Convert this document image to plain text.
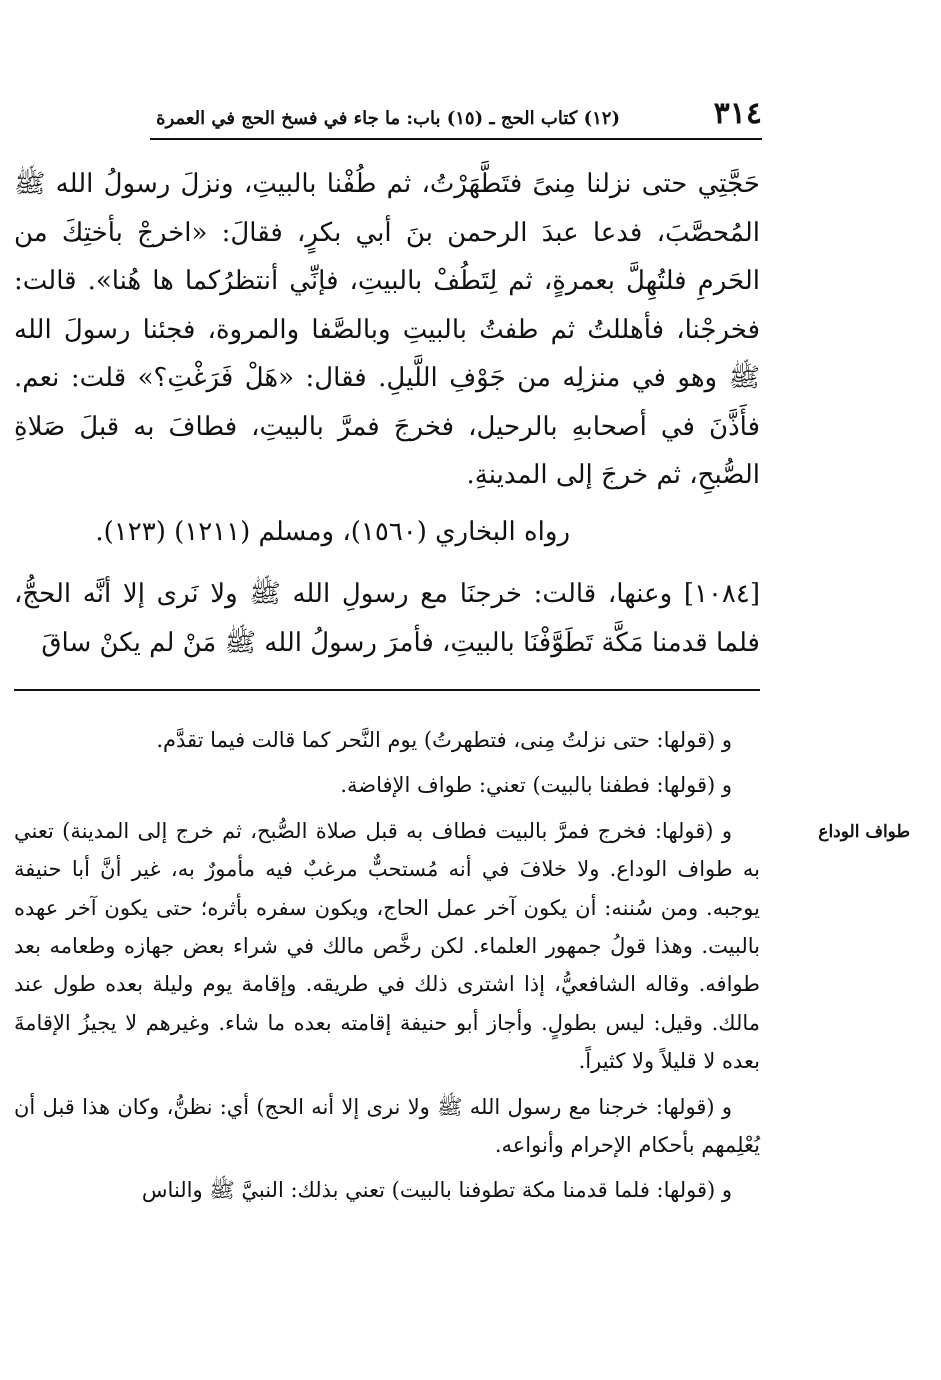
٣١٤
(١٢) كتاب الحج ـ (١٥) باب: ما جاء في فسخ الحج في العمرة

حَجَّتِي حتى نزلنا مِنىً فتَطَّهَرْتُ، ثم طُفْنا بالبيتِ، ونزلَ رسولُ الله ﷺ المُحصَّبَ، فدعا عبدَ الرحمن بنَ أبي بكرٍ، فقالَ: «اخرجْ بأختِكَ من الحَرمِ فلتُهِلَّ بعمرةٍ، ثم لِتَطُفْ بالبيتِ، فإنِّي أنتظرُكما ها هُنا». قالت: فخرجْنا، فأهللتُ ثم طفتُ بالبيتِ وبالصَّفا والمروة، فجئنا رسولَ الله ﷺ وهو في منزلِه من جَوْفِ اللَّيلِ. فقال: «هَلْ فَرَغْتِ؟» قلت: نعم. فأَذَّنَ في أصحابهِ بالرحيل، فخرجَ فمرَّ بالبيتِ، فطافَ به قبلَ صَلاةِ الصُّبحِ، ثم خرجَ إلى المدينةِ.

رواه البخاري (١٥٦٠)، ومسلم (١٢١١) (١٢٣).

[١٠٨٤] وعنها، قالت: خرجنَا مع رسولِ الله ﷺ ولا نَرى إلا أنَّه الحجُّ، فلما قدمنا مَكَّة تَطَوَّفْنَا بالبيتِ، فأمرَ رسولُ الله ﷺ مَنْ لم يكنْ ساقَ

و (قولها: حتى نزلتُ مِنى، فتطهرتُ) يوم النَّحر كما قالت فيما تقدَّم.

و (قولها: فطفنا بالبيت) تعني: طواف الإفاضة.

و (قولها: فخرج فمرَّ بالبيت فطاف به قبل صلاة الصُّبح، ثم خرج إلى المدينة) تعني به طواف الوداع. ولا خلافَ في أنه مُستحبٌّ مرغبٌ فيه مأمورٌ به، غير أنَّ أبا حنيفة يوجبه. ومن سُننه: أن يكون آخر عمل الحاج، ويكون سفره بأثره؛ حتى يكون آخر عهده بالبيت. وهذا قولُ جمهور العلماء. لكن رخَّص مالك في شراء بعض جهازه وطعامه بعد طوافه. وقاله الشافعيُّ، إذا اشترى ذلك في طريقه. وإقامة يوم وليلة بعده طول عند مالك. وقيل: ليس بطولٍ. وأجاز أبو حنيفة إقامته بعده ما شاء. وغيرهم لا يجيزُ الإقامةَ بعده لا قليلاً ولا كثيراً.

و (قولها: خرجنا مع رسول الله ﷺ ولا نرى إلا أنه الحج) أي: نظنُّ، وكان هذا قبل أن يُعْلِمهم بأحكام الإحرام وأنواعه.

و (قولها: فلما قدمنا مكة تطوفنا بالبيت) تعني بذلك: النبيَّ ﷺ والناس

طواف الوداع
